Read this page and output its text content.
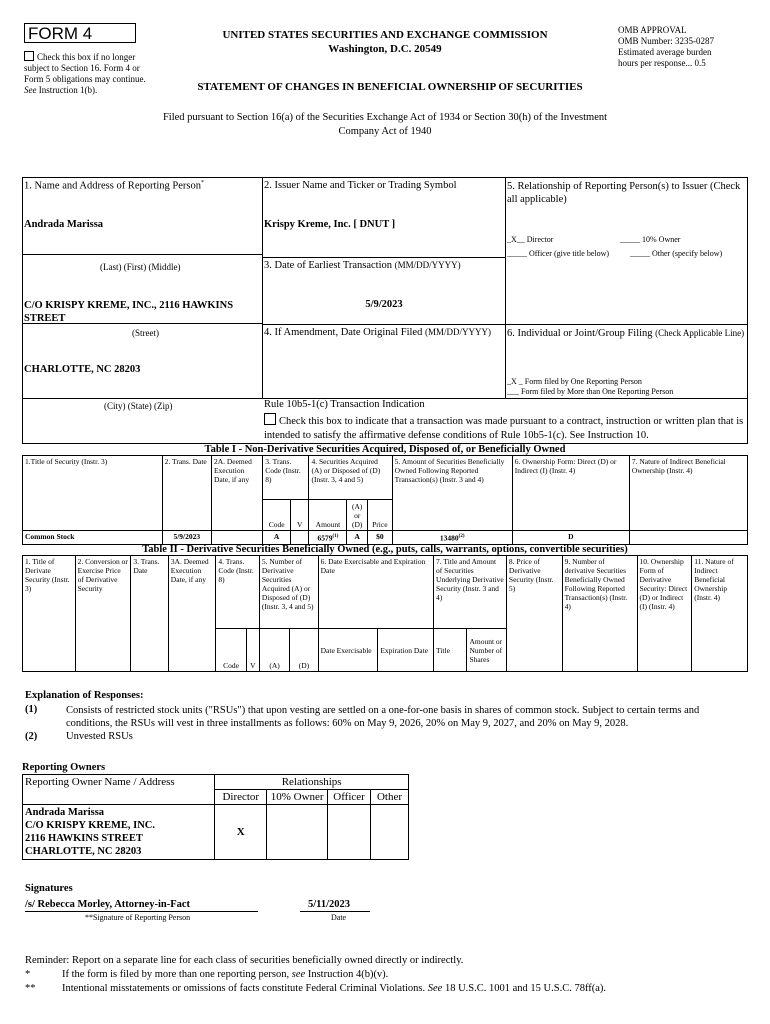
FORM 4
Check this box if no longer subject to Section 16. Form 4 or Form 5 obligations may continue. See Instruction 1(b).
UNITED STATES SECURITIES AND EXCHANGE COMMISSION
Washington, D.C. 20549
STATEMENT OF CHANGES IN BENEFICIAL OWNERSHIP OF SECURITIES
OMB APPROVAL
OMB Number: 3235-0287
Estimated average burden
hours per response... 0.5
Filed pursuant to Section 16(a) of the Securities Exchange Act of 1934 or Section 30(h) of the Investment Company Act of 1940
1. Name and Address of Reporting Person*
Andrada Marissa
(Last) (First) (Middle)
C/O KRISPY KREME, INC., 2116 HAWKINS STREET
(Street)
CHARLOTTE, NC 28203
(City) (State) (Zip)
2. Issuer Name and Ticker or Trading Symbol
Krispy Kreme, Inc. [ DNUT ]
3. Date of Earliest Transaction (MM/DD/YYYY)
5/9/2023
4. If Amendment, Date Original Filed (MM/DD/YYYY)
5. Relationship of Reporting Person(s) to Issuer (Check all applicable)
_X__ Director	_____ 10% Owner
_____ Officer (give title below)	_____ Other (specify below)
6. Individual or Joint/Group Filing (Check Applicable Line)
_X _ Form filed by One Reporting Person
___ Form filed by More than One Reporting Person
Rule 10b5-1(c) Transaction Indication
Check this box to indicate that a transaction was made pursuant to a contract, instruction or written plan that is intended to satisfy the affirmative defense conditions of Rule 10b5-1(c). See Instruction 10.
Table I - Non-Derivative Securities Acquired, Disposed of, or Beneficially Owned
1.Title of Security (Instr. 3)	2. Trans. Date	2A. Deemed Execution Date, if any	3. Trans. Code (Instr. 8)		4. Securities Acquired (A) or Disposed of (D) (Instr. 3, 4 and 5)			5. Amount of Securities Beneficially Owned Following Reported Transaction(s) (Instr. 3 and 4)	6. Ownership Form: Direct (D) or Indirect (I) (Instr. 4)	7. Nature of Indirect Beneficial Ownership (Instr. 4)
			Code	V	Amount	(A) or (D)	Price			
Common Stock	5/9/2023		A		6579$^{(1)}$	A	$0	13480$^{(2)}$	D	
Table II - Derivative Securities Beneficially Owned (e.g., puts, calls, warrants, options, convertible securities)
1. Title of Derivate Security (Instr. 3)	2. Conversion or Exercise Price of Derivative Security	3. Trans. Date	3A. Deemed Execution Date, if any	4. Trans. Code (Instr. 8)		5. Number of Derivative Securities Acquired (A) or Disposed of (D) (Instr. 3, 4 and 5)		6. Date Exercisable and Expiration Date		7. Title and Amount of Securities Underlying Derivative Security (Instr. 3 and 4)		8. Price of Derivative Security (Instr. 5)	9. Number of derivative Securities Beneficially Owned Following Reported Transaction(s) (Instr. 4)	10. Ownership Form of Derivative Security: Direct (D) or Indirect (I) (Instr. 4)	11. Nature of Indirect Beneficial Ownership (Instr. 4)
				Code	V	(A)	(D)	Date Exercisable	Expiration Date	Title	Amount or Number of Shares				
Explanation of Responses:
(1)	Consists of restricted stock units ("RSUs") that upon vesting are settled on a one-for-one basis in shares of common stock. Subject to certain terms and conditions, the RSUs will vest in three installments as follows: 60% on May 9, 2026, 20% on May 9, 2027, and 20% on May 9, 2028.
(2)	Unvested RSUs
Reporting Owners
Reporting Owner Name / Address	Relationships			
	Director	10% Owner	Officer	Other

Andrada Marissa
C/O KRISPY KREME, INC.
2116 HAWKINS STREET
CHARLOTTE, NC 28203	X			
Signatures
/s/ Rebecca Morley, Attorney-in-Fact	5/11/2023
**Signature of Reporting Person	Date
Reminder: Report on a separate line for each class of securities beneficially owned directly or indirectly.
*	If the form is filed by more than one reporting person, see Instruction 4(b)(v).
**	Intentional misstatements or omissions of facts constitute Federal Criminal Violations. See 18 U.S.C. 1001 and 15 U.S.C. 78ff(a).
